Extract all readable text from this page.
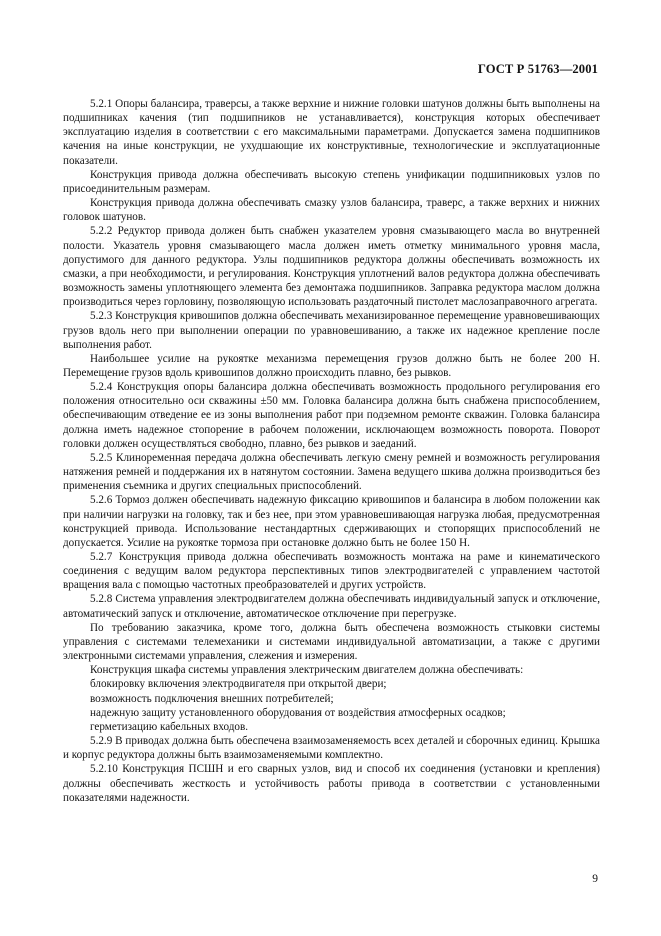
ГОСТ Р 51763—2001

5.2.1 Опоры балансира, траверсы, а также верхние и нижние головки шатунов должны быть выполнены на подшипниках качения (тип подшипников не устанавливается), конструкция которых обеспечивает эксплуатацию изделия в соответствии с его максимальными параметрами. Допускается замена подшипников качения на иные конструкции, не ухудшающие их конструктивные, технологические и эксплуатационные показатели.

Конструкция привода должна обеспечивать высокую степень унификации подшипниковых узлов по присоединительным размерам.

Конструкция привода должна обеспечивать смазку узлов балансира, траверс, а также верхних и нижних головок шатунов.

5.2.2 Редуктор привода должен быть снабжен указателем уровня смазывающего масла во внутренней полости. Указатель уровня смазывающего масла должен иметь отметку минимального уровня масла, допустимого для данного редуктора. Узлы подшипников редуктора должны обеспечивать возможность их смазки, а при необходимости, и регулирования. Конструкция уплотнений валов редуктора должна обеспечивать возможность замены уплотняющего элемента без демонтажа подшипников. Заправка редуктора маслом должна производиться через горловину, позволяющую использовать раздаточный пистолет маслозаправочного агрегата.

5.2.3 Конструкция кривошипов должна обеспечивать механизированное перемещение уравновешивающих грузов вдоль него при выполнении операции по уравновешиванию, а также их надежное крепление после выполнения работ.

Наибольшее усилие на рукоятке механизма перемещения грузов должно быть не более 200 Н. Перемещение грузов вдоль кривошипов должно происходить плавно, без рывков.

5.2.4 Конструкция опоры балансира должна обеспечивать возможность продольного регулирования его положения относительно оси скважины ±50 мм. Головка балансира должна быть снабжена приспособлением, обеспечивающим отведение ее из зоны выполнения работ при подземном ремонте скважин. Головка балансира должна иметь надежное стопорение в рабочем положении, исключающем возможность поворота. Поворот головки должен осуществляться свободно, плавно, без рывков и заеданий.

5.2.5 Клиноременная передача должна обеспечивать легкую смену ремней и возможность регулирования натяжения ремней и поддержания их в натянутом состоянии. Замена ведущего шкива должна производиться без применения съемника и других специальных приспособлений.

5.2.6 Тормоз должен обеспечивать надежную фиксацию кривошипов и балансира в любом положении как при наличии нагрузки на головку, так и без нее, при этом уравновешивающая нагрузка любая, предусмотренная конструкцией привода. Использование нестандартных сдерживающих и стопорящих приспособлений не допускается. Усилие на рукоятке тормоза при остановке должно быть не более 150 Н.

5.2.7 Конструкция привода должна обеспечивать возможность монтажа на раме и кинематического соединения с ведущим валом редуктора перспективных типов электродвигателей с управлением частотой вращения вала с помощью частотных преобразователей и других устройств.

5.2.8 Система управления электродвигателем должна обеспечивать индивидуальный запуск и отключение, автоматический запуск и отключение, автоматическое отключение при перегрузке.

По требованию заказчика, кроме того, должна быть обеспечена возможность стыковки системы управления с системами телемеханики и системами индивидуальной автоматизации, а также с другими электронными системами управления, слежения и измерения.

Конструкция шкафа системы управления электрическим двигателем должна обеспечивать:

блокировку включения электродвигателя при открытой двери;

возможность подключения внешних потребителей;

надежную защиту установленного оборудования от воздействия атмосферных осадков;

герметизацию кабельных входов.

5.2.9 В приводах должна быть обеспечена взаимозаменяемость всех деталей и сборочных единиц. Крышка и корпус редуктора должны быть взаимозаменяемыми комплектно.

5.2.10 Конструкция ПСШН и его сварных узлов, вид и способ их соединения (установки и крепления) должны обеспечивать жесткость и устойчивость работы привода в соответствии с установленными показателями надежности.

9
